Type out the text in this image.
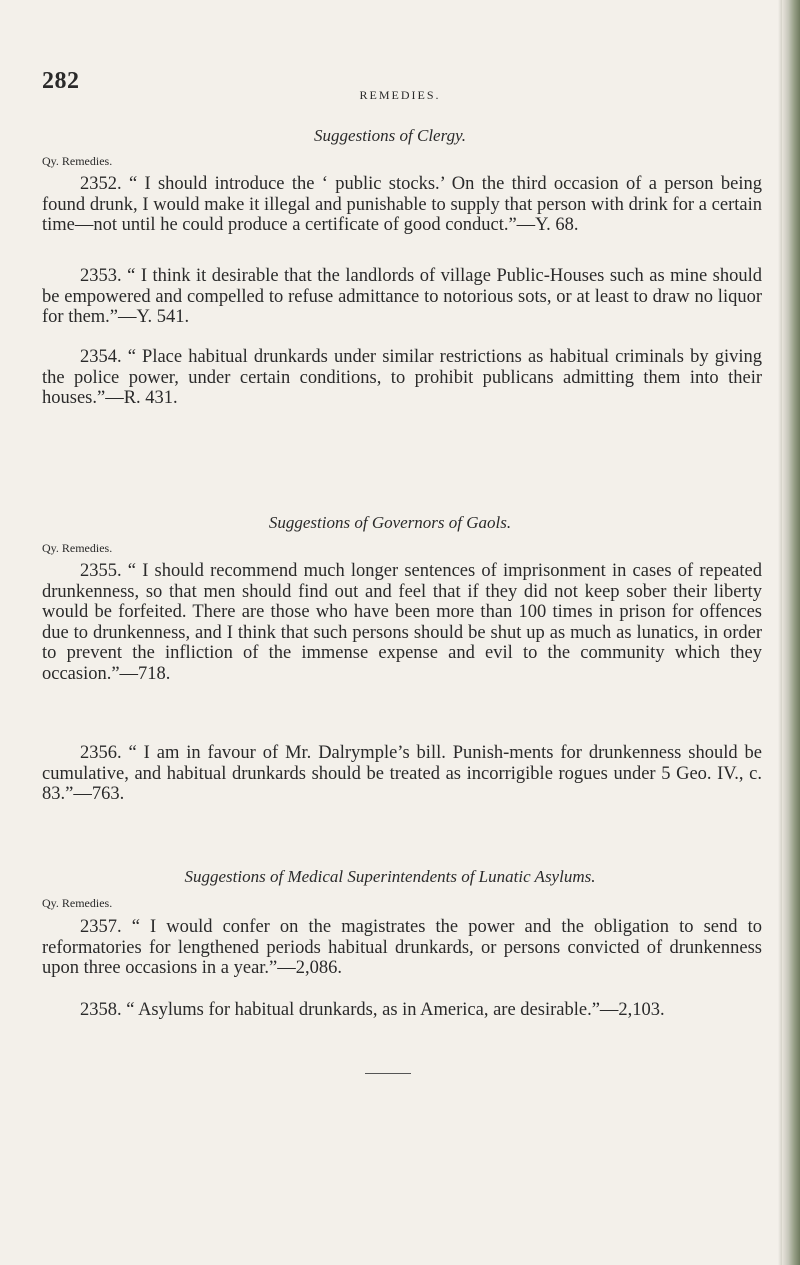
282
REMEDIES.
Suggestions of Clergy.
Qy. Remedies.

2352. “ I should introduce the ‘ public stocks.’ On the third occasion of a person being found drunk, I would make it illegal and punishable to supply that person with drink for a certain time—not until he could produce a certificate of good conduct.”—Y. 68.

2353. “ I think it desirable that the landlords of village Public-Houses such as mine should be empowered and compelled to refuse admittance to notorious sots, or at least to draw no liquor for them.”—Y. 541.

2354. “ Place habitual drunkards under similar restrictions as habitual criminals by giving the police power, under certain conditions, to prohibit publicans admitting them into their houses.”—R. 431.

Suggestions of Governors of Gaols.
Qy. Remedies.

2355. “ I should recommend much longer sentences of imprisonment in cases of repeated drunkenness, so that men should find out and feel that if they did not keep sober their liberty would be forfeited. There are those who have been more than 100 times in prison for offences due to drunkenness, and I think that such persons should be shut up as much as lunatics, in order to prevent the infliction of the immense expense and evil to the community which they occasion.”—718.

2356. “ I am in favour of Mr. Dalrymple’s bill. Punish-ments for drunkenness should be cumulative, and habitual drunkards should be treated as incorrigible rogues under 5 Geo. IV., c. 83.”—763.

Suggestions of Medical Superintendents of Lunatic Asylums.
Qy. Remedies.

2357. “ I would confer on the magistrates the power and the obligation to send to reformatories for lengthened periods habitual drunkards, or persons convicted of drunkenness upon three occasions in a year.”—2,086.

2358. “ Asylums for habitual drunkards, as in America, are desirable.”—2,103.
